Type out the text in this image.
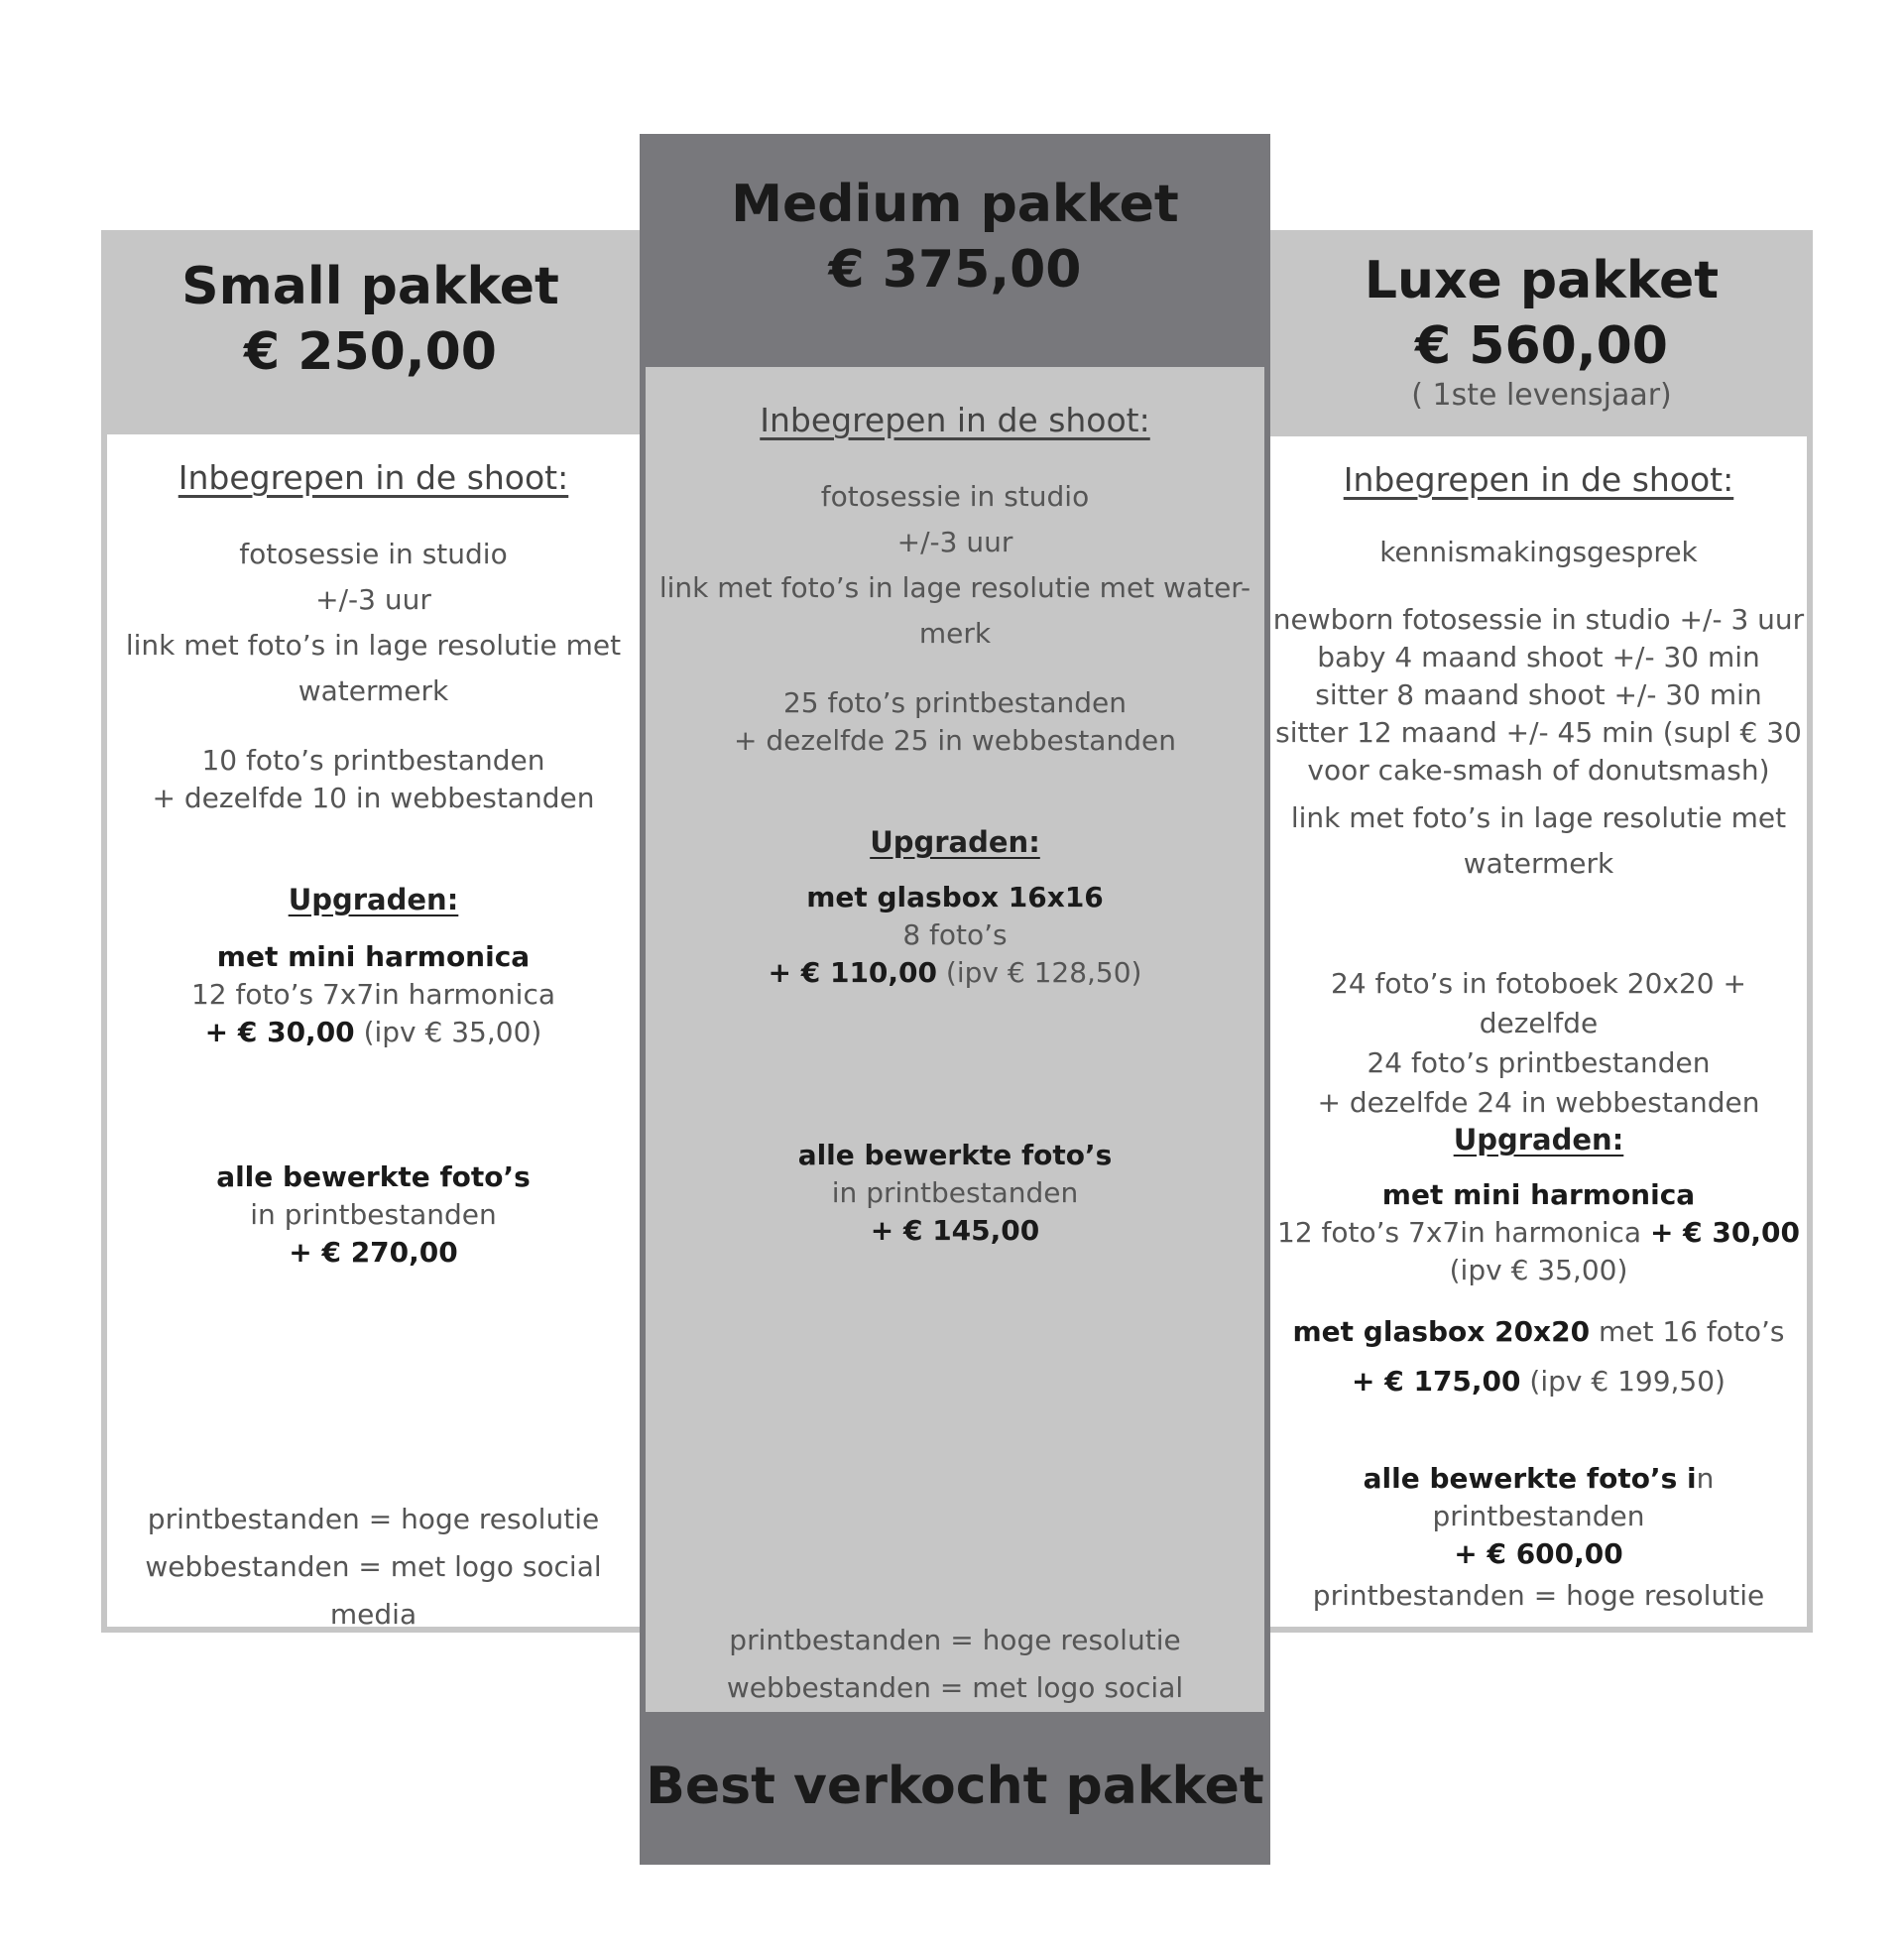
Inbegrepen in de shoot:

fotosessie in studio

+/-3 uur

link met foto’s in lage resolutie met

watermerk

10 foto’s printbestanden

+ dezelfde 10 in webbestanden

Upgraden:

met mini harmonica

12 foto’s 7x7in harmonica

+ € 30,00 (ipv € 35,00)

alle bewerkte foto’s

in printbestanden

+ € 270,00

printbestanden = hoge resolutie

webbestanden = met logo social media

Small pakket

€ 250,00

Inbegrepen in de shoot:

kennismakingsgesprek

newborn fotosessie in studio +/- 3 uur

baby 4 maand shoot +/- 30 min

sitter 8 maand shoot +/- 30 min

sitter 12 maand +/- 45 min (supl € 30

voor cake-smash of donutsmash)

link met foto’s in lage resolutie met

watermerk

24 foto’s in fotoboek 20x20 + dezelfde

24 foto’s printbestanden

+ dezelfde 24 in webbestanden

Upgraden:

met mini harmonica

12 foto’s 7x7in harmonica + € 30,00

(ipv € 35,00)

met glasbox 20x20 met 16 foto’s

+ € 175,00 (ipv € 199,50)

alle bewerkte foto’s in printbestanden

+ € 600,00

printbestanden = hoge resolutie

Luxe pakket

€ 560,00

( 1ste levensjaar)

Inbegrepen in de shoot:

fotosessie in studio

+/-3 uur

link met foto’s in lage resolutie met water-

merk

25 foto’s printbestanden

+ dezelfde 25 in webbestanden

Upgraden:

met glasbox 16x16

8 foto’s

+ € 110,00 (ipv € 128,50)

alle bewerkte foto’s

in printbestanden

+ € 145,00

printbestanden = hoge resolutie

webbestanden = met logo social

Medium pakket

€ 375,00

Best verkocht pakket
